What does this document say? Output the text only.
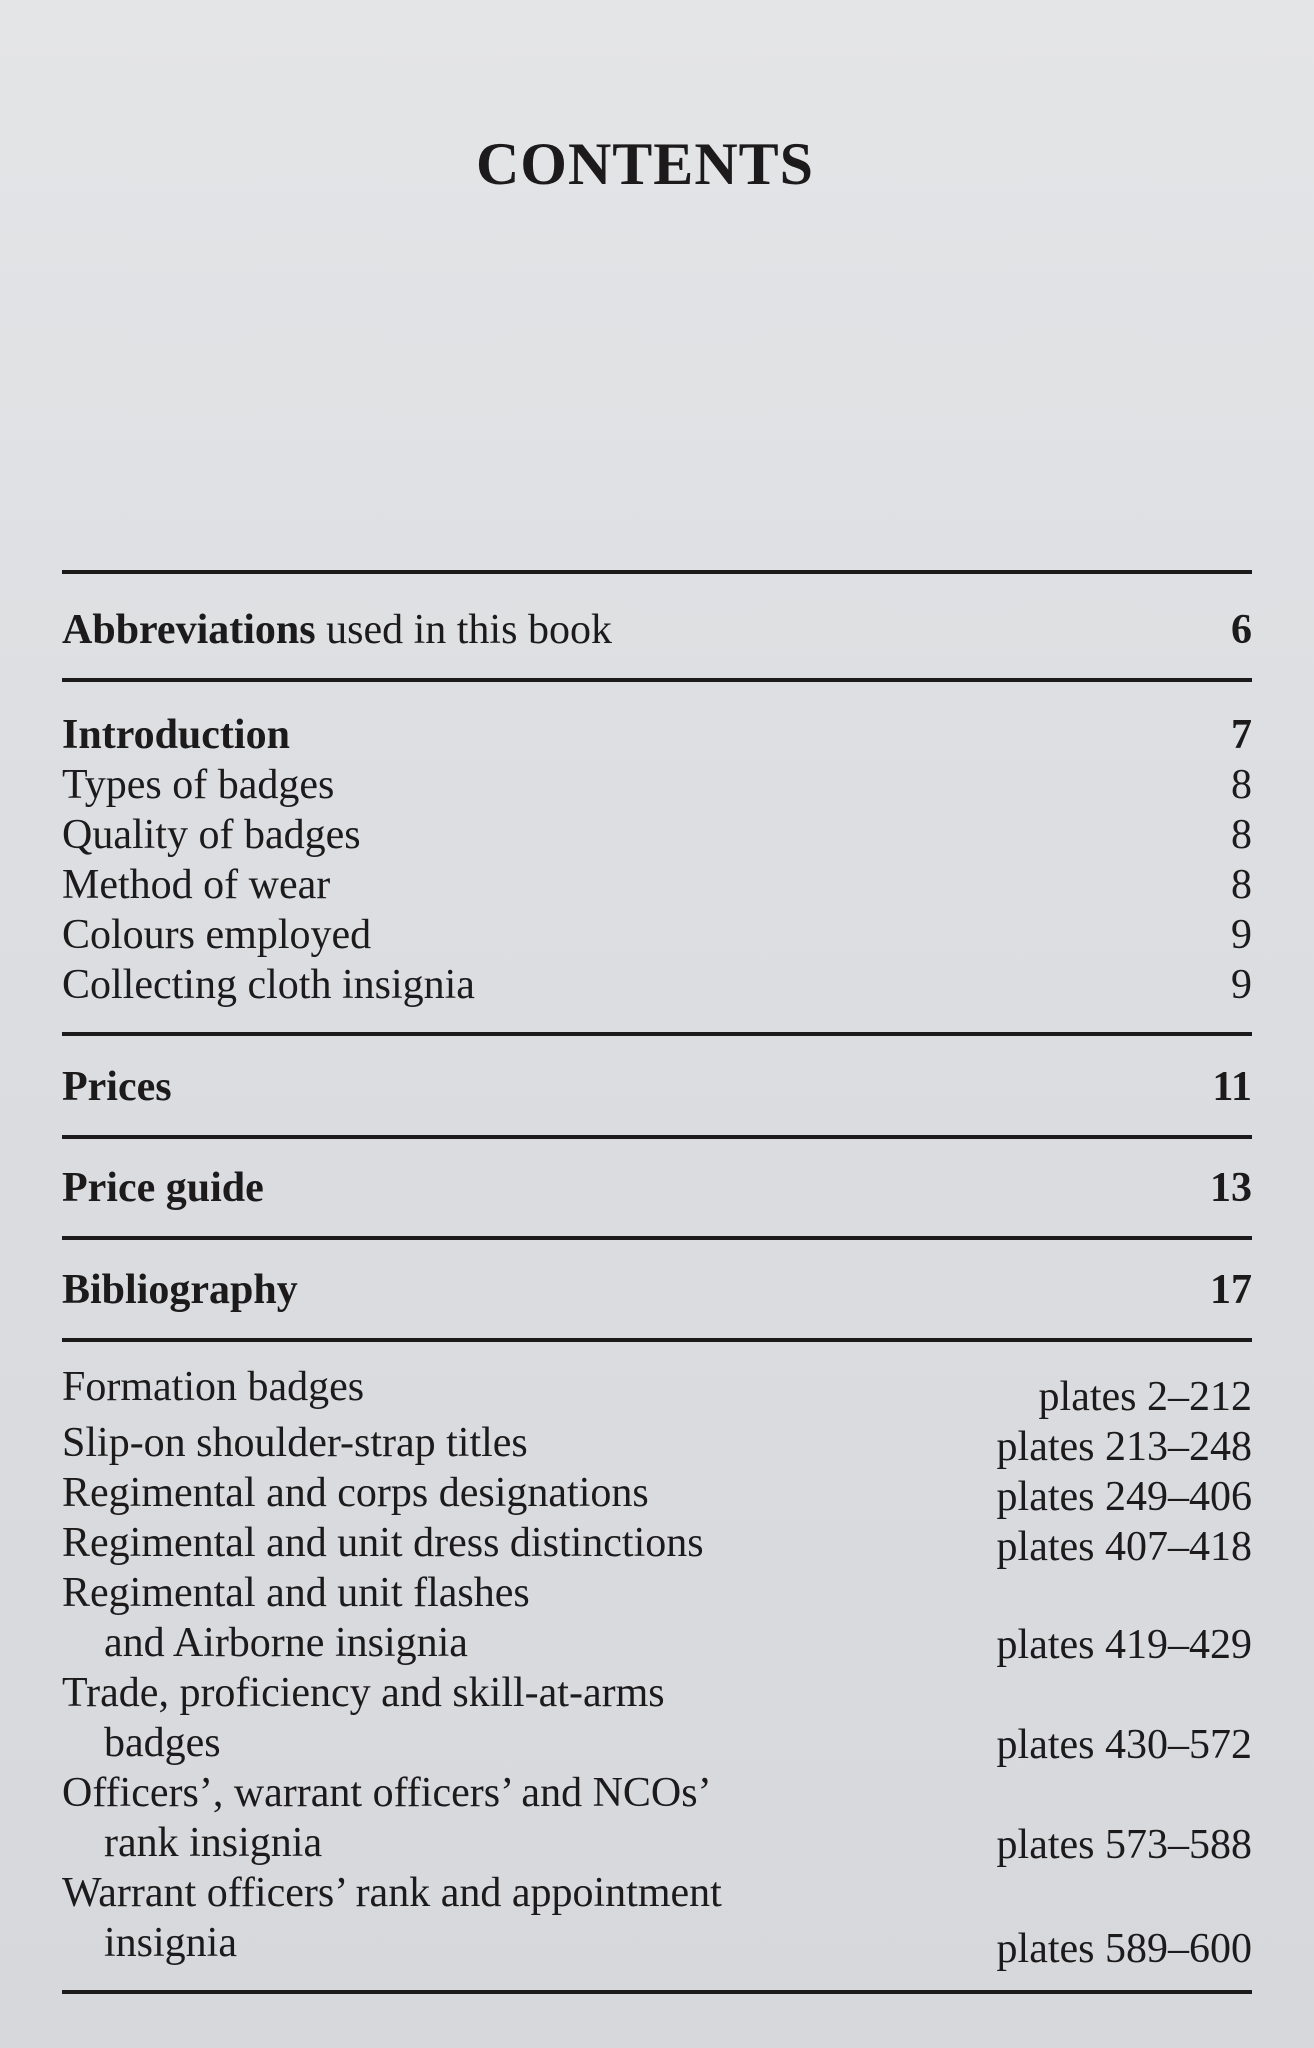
CONTENTS
Abbreviations used in this book	6
Introduction	7
Types of badges	8
Quality of badges	8
Method of wear	8
Colours employed	9
Collecting cloth insignia	9
Prices	11
Price guide	13
Bibliography	17
Formation badges	plates 2–212
Slip-on shoulder-strap titles	plates 213–248
Regimental and corps designations	plates 249–406
Regimental and unit dress distinctions	plates 407–418
Regimental and unit flashes
and Airborne insignia	plates 419–429
Trade, proficiency and skill-at-arms
badges	plates 430–572
Officers’, warrant officers’ and NCOs’
rank insignia	plates 573–588
Warrant officers’ rank and appointment
insignia	plates 589–600
